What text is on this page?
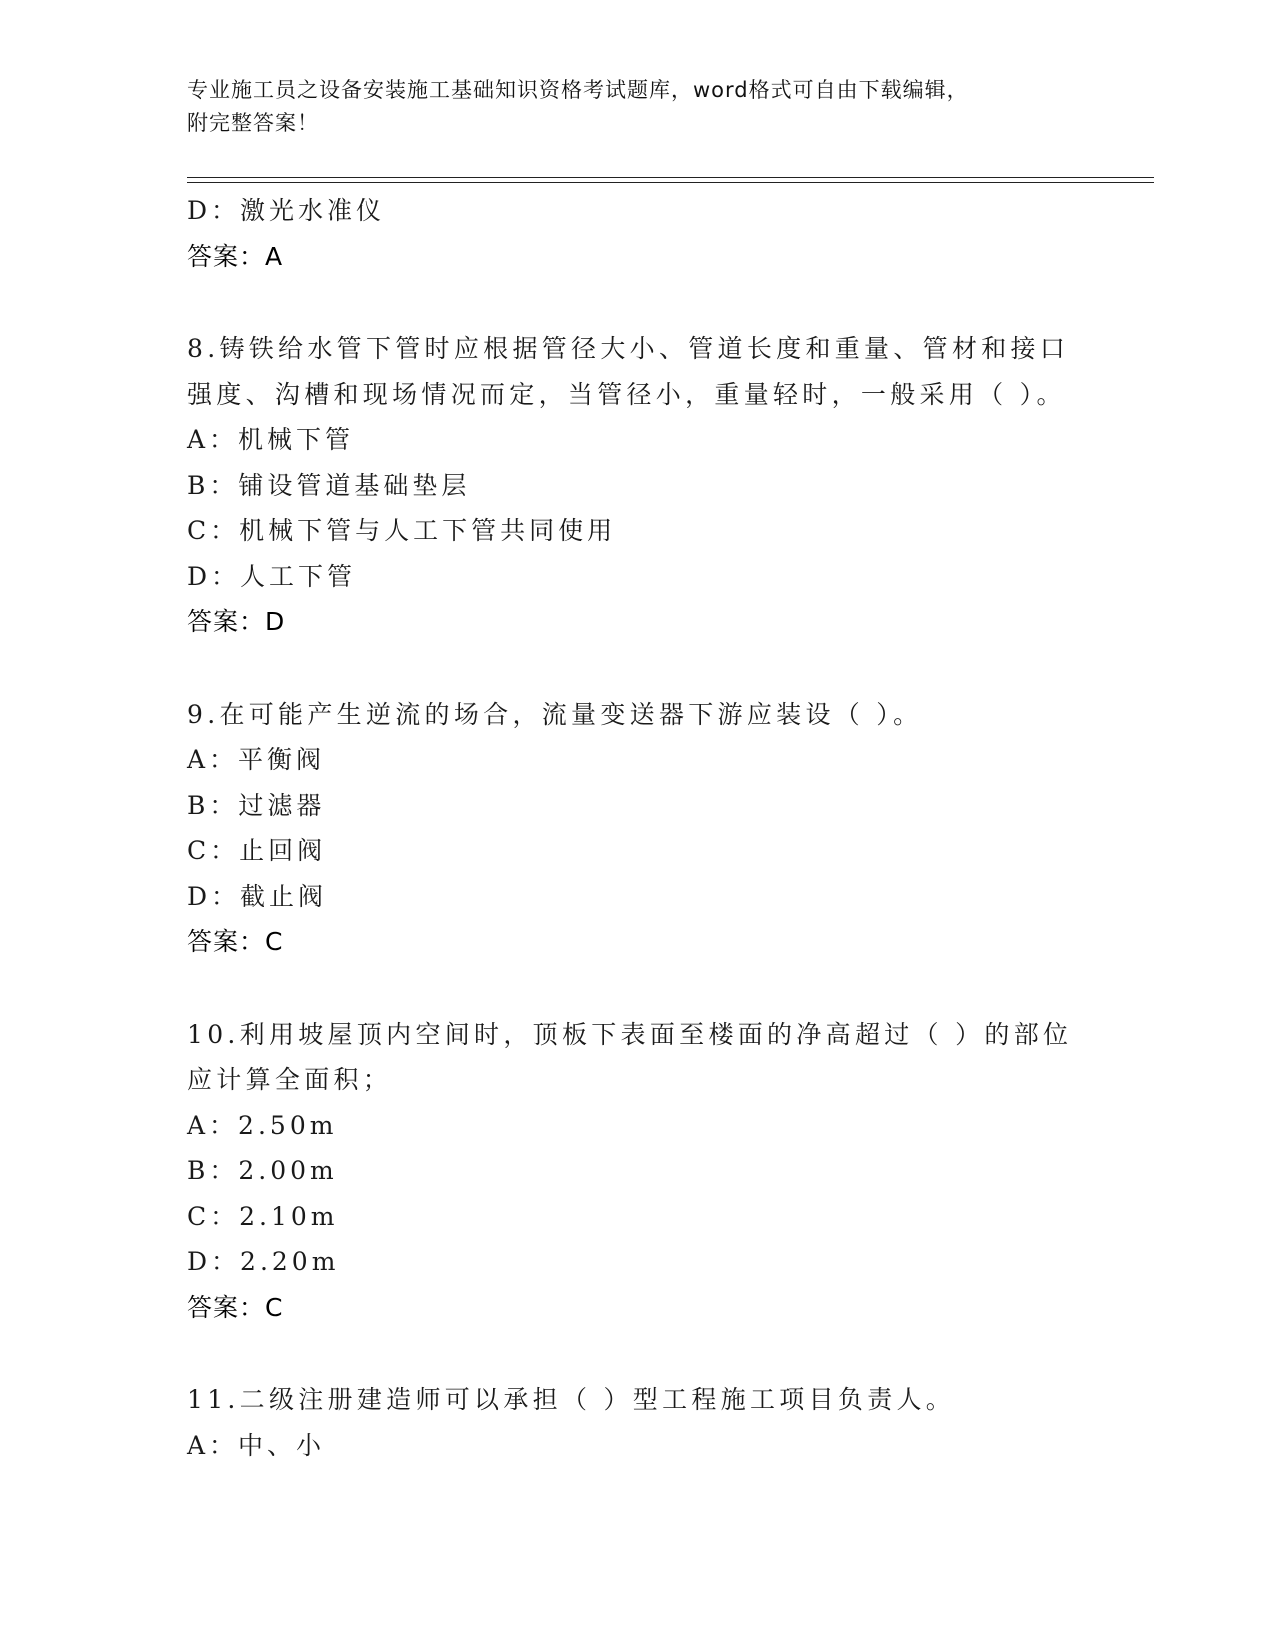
专业施工员之设备安装施工基础知识资格考试题库，word格式可自由下载编辑，
附完整答案！
D：激光水准仪
答案：A
8.铸铁给水管下管时应根据管径大小、管道长度和重量、管材和接口
强度、沟槽和现场情况而定，当管径小，重量轻时，一般采用（ ）。
A：机械下管
B：铺设管道基础垫层
C：机械下管与人工下管共同使用
D：人工下管
答案：D
9.在可能产生逆流的场合，流量变送器下游应装设（ ）。
A：平衡阀
B：过滤器
C：止回阀
D：截止阀
答案：C
10.利用坡屋顶内空间时，顶板下表面至楼面的净高超过（ ）的部位
应计算全面积；
A：2.50m
B：2.00m
C：2.10m
D：2.20m
答案：C
11.二级注册建造师可以承担（ ）型工程施工项目负责人。
A：中、小
